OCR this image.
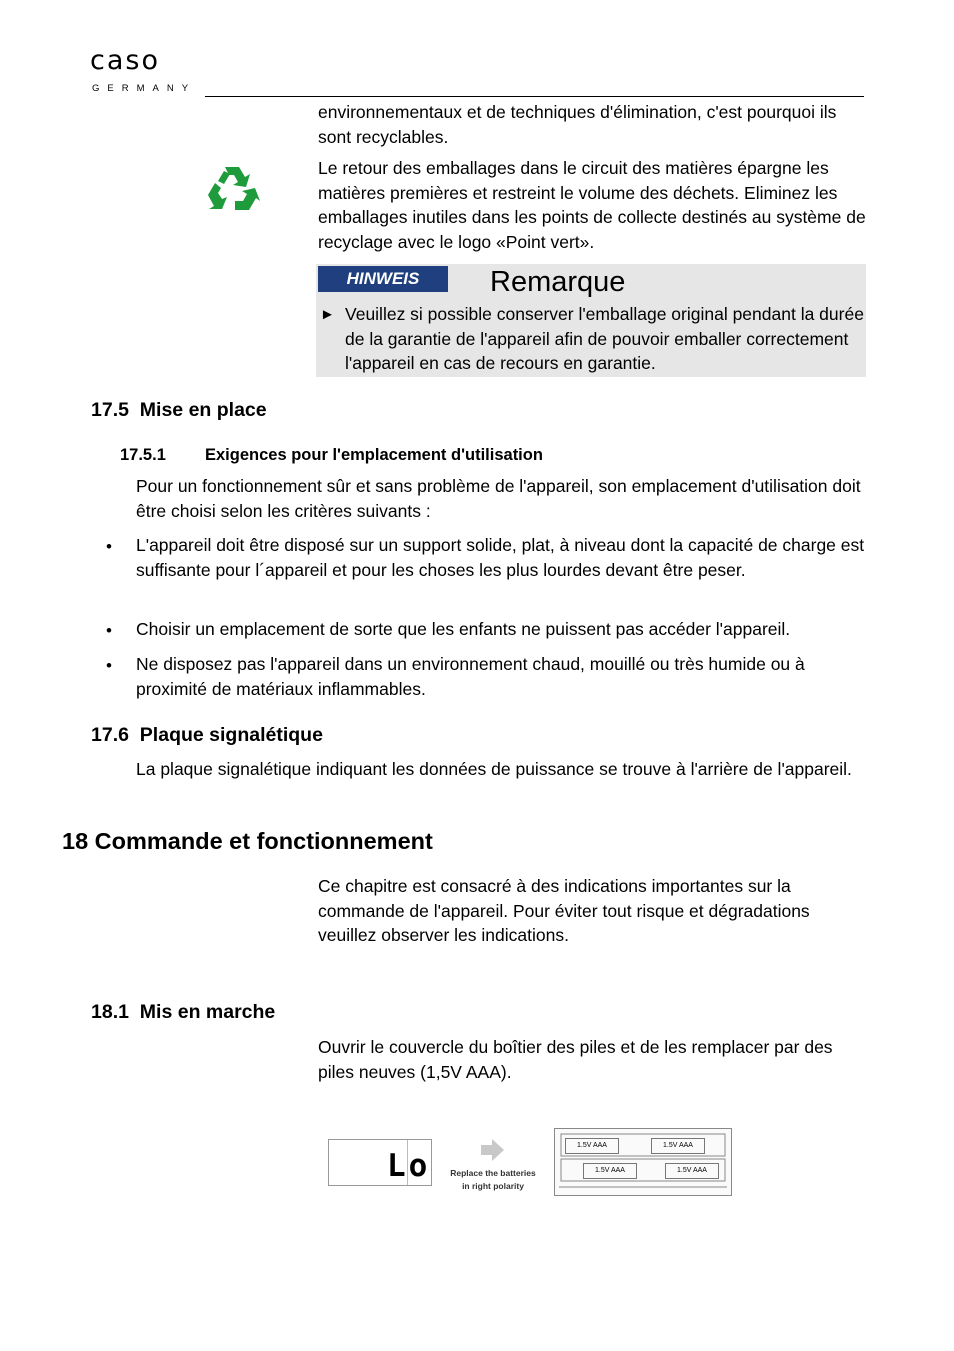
caso
GERMANY
environnementaux et de techniques d'élimination, c'est pourquoi ils sont recyclables.
Le retour des emballages dans le circuit des matières épargne les matières premières et restreint le volume des déchets. Eliminez les emballages inutiles dans les points de collecte destinés au système de recyclage avec le logo «Point vert».
HINWEIS	Remarque
► Veuillez si possible conserver l'emballage original pendant la durée de la garantie de l'appareil afin de pouvoir emballer correctement l'appareil en cas de recours en garantie.
17.5 Mise en place
17.5.1 Exigences pour l'emplacement d'utilisation
Pour un fonctionnement sûr et sans problème de l'appareil, son emplacement d'utilisation doit être choisi selon les critères suivants :
• L'appareil doit être disposé sur un support solide, plat, à niveau dont la capacité de charge est suffisante pour l´appareil et pour les choses les plus lourdes devant être peser.
• Choisir un emplacement de sorte que les enfants ne puissent pas accéder l'appareil.
• Ne disposez pas l'appareil dans un environnement chaud, mouillé ou très humide ou à proximité de matériaux inflammables.
17.6 Plaque signalétique
La plaque signalétique indiquant les données de puissance se trouve à l'arrière de l'appareil.
18 Commande et fonctionnement
Ce chapitre est consacré à des indications importantes sur la commande de l'appareil. Pour éviter tout risque et dégradations veuillez observer les indications.
18.1 Mis en marche
Ouvrir le couvercle du boîtier des piles et de les remplacer par des piles neuves (1,5V AAA).
Lo Replace the batteries in right polarity
1.5V AAA	1.5V AAA
1.5V AAA	1.5V AAA
